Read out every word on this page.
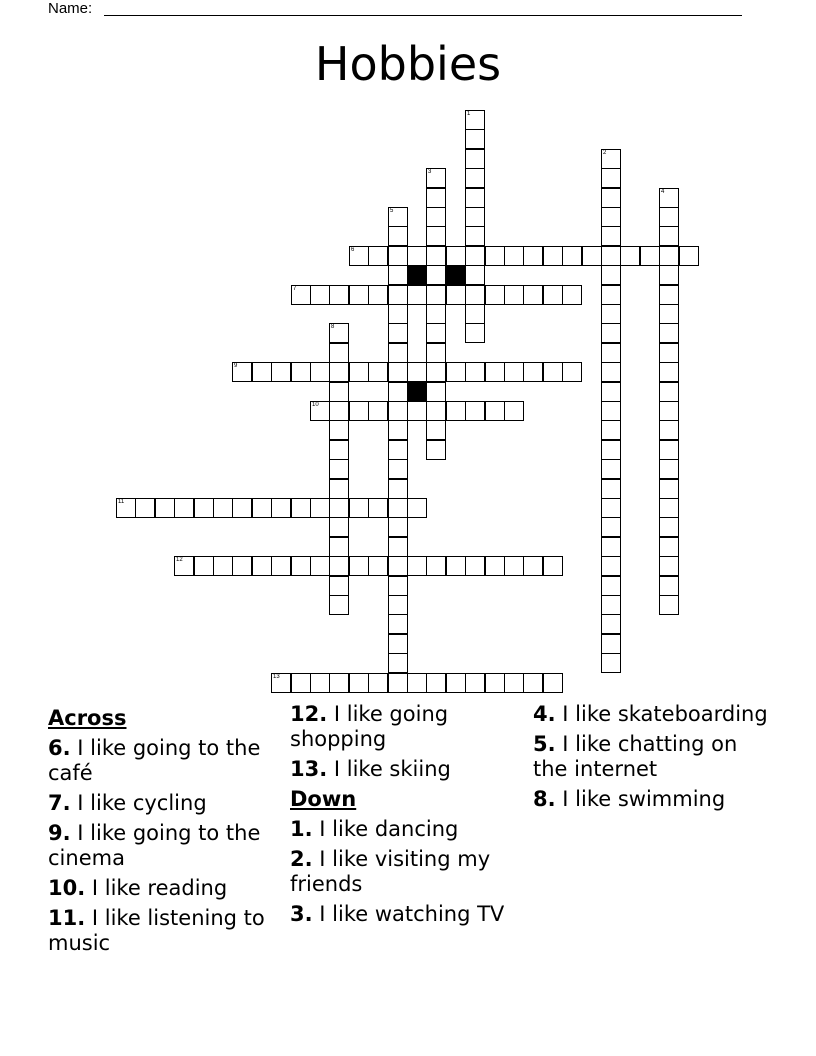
Name:
Hobbies
1
2
3
4
5
6
7
8
9
10
11
12
13
Across
6. I like going to the café
7. I like cycling
9. I like going to the cinema
10. I like reading
11. I like listening to music
12. I like going shopping
13. I like skiing
Down
1. I like dancing
2. I like visiting my friends
3. I like watching TV
4. I like skateboarding
5. I like chatting on the internet
8. I like swimming
